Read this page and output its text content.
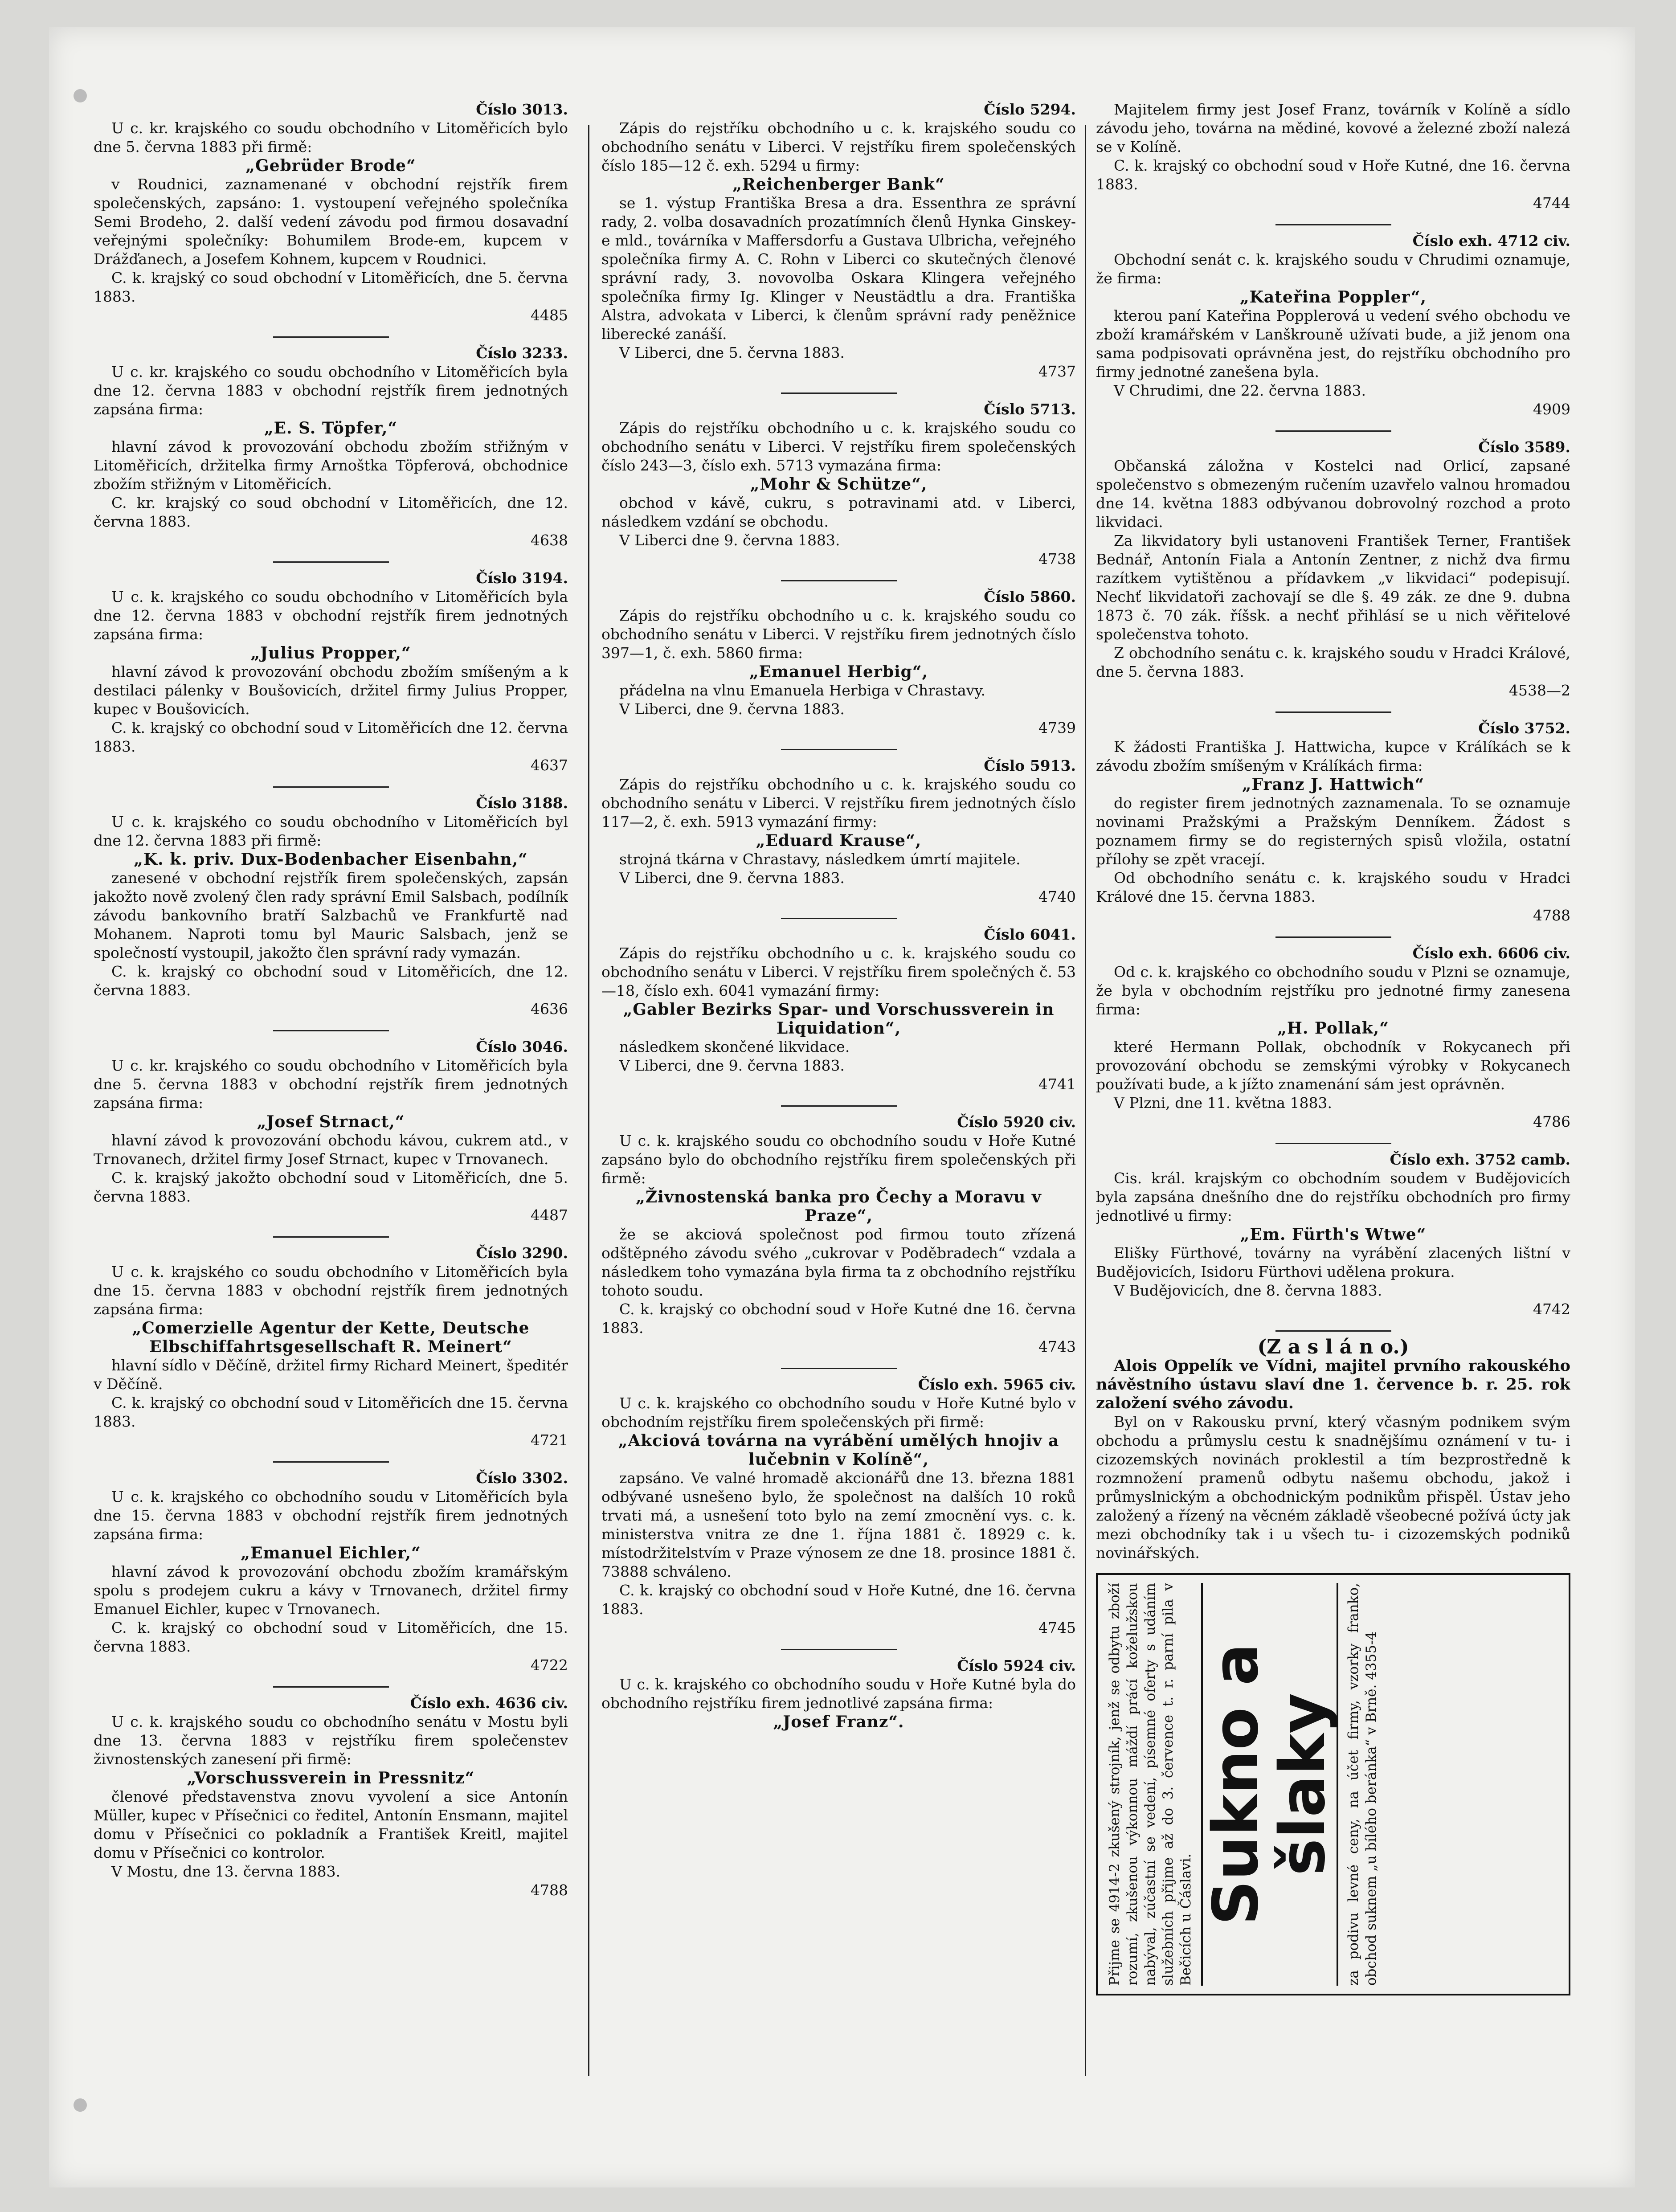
Číslo 3013.
U c. kr. krajského co soudu obchodního v Litoměřicích bylo dne 5. června 1883 při firmě:
„Gebrüder Brode“
v Roudnici, zaznamenané v obchodní rejstřík firem společenských, zapsáno: 1. vystoupení veřejného společníka Semi Brodeho, 2. další vedení závodu pod firmou dosavadní veřejnými společníky: Bohumilem Brode-em, kupcem v Drážďanech, a Josefem Kohnem, kupcem v Roudnici.
C. k. krajský co soud obchodní v Litoměřicích, dne 5. června 1883.
4485
Číslo 3233.
U c. kr. krajského co soudu obchodního v Litoměřicích byla dne 12. června 1883 v obchodní rejstřík firem jednotných zapsána firma:
„E. S. Töpfer,“
hlavní závod k provozování obchodu zbožím střižným v Litoměřicích, držitelka firmy Arnoštka Töpferová, obchodnice zbožím střižným v Litoměřicích.
C. kr. krajský co soud obchodní v Litoměřicích, dne 12. června 1883.
4638
Číslo 3194.
U c. k. krajského co soudu obchodního v Litoměřicích byla dne 12. června 1883 v obchodní rejstřík firem jednotných zapsána firma:
„Julius Propper,“
hlavní závod k provozování obchodu zbožím smíšeným a k destilaci pálenky v Boušovicích, držitel firmy Julius Propper, kupec v Boušovicích.
C. k. krajský co obchodní soud v Litoměřicích dne 12. června 1883.
4637
Číslo 3188.
U c. k. krajského co soudu obchodního v Litoměřicích byl dne 12. června 1883 při firmě:
„K. k. priv. Dux-Bodenbacher Eisenbahn,“
zanesené v obchodní rejstřík firem společenských, zapsán jakožto nově zvolený člen rady správní Emil Salsbach, podílník závodu bankovního bratří Salzbachů ve Frankfurtě nad Mohanem. Naproti tomu byl Mauric Salsbach, jenž se společností vystoupil, jakožto člen správní rady vymazán.
C. k. krajský co obchodní soud v Litoměřicích, dne 12. června 1883.
4636
Číslo 3046.
U c. kr. krajského co soudu obchodního v Litoměřicích byla dne 5. června 1883 v obchodní rejstřík firem jednotných zapsána firma:
„Josef Strnact,“
hlavní závod k provozování obchodu kávou, cukrem atd., v Trnovanech, držitel firmy Josef Strnact, kupec v Trnovanech.
C. k. krajský jakožto obchodní soud v Litoměřicích, dne 5. června 1883.
4487
Číslo 3290.
U c. k. krajského co soudu obchodního v Litoměřicích byla dne 15. června 1883 v obchodní rejstřík firem jednotných zapsána firma:
„Comerzielle Agentur der Kette, Deutsche Elbschiffahrtsgesellschaft R. Meinert“
hlavní sídlo v Děčíně, držitel firmy Richard Meinert, špeditér v Děčíně.
C. k. krajský co obchodní soud v Litoměřicích dne 15. června 1883.
4721
Číslo 3302.
U c. k. krajského co obchodního soudu v Litoměřicích byla dne 15. června 1883 v obchodní rejstřík firem jednotných zapsána firma:
„Emanuel Eichler,“
hlavní závod k provozování obchodu zbožím kramářským spolu s prodejem cukru a kávy v Trnovanech, držitel firmy Emanuel Eichler, kupec v Trnovanech.
C. k. krajský co obchodní soud v Litoměřicích, dne 15. června 1883.
4722
Číslo exh. 4636 civ.
U c. k. krajského soudu co obchodního senátu v Mostu byli dne 13. června 1883 v rejstříku firem společenstev živnostenských zanesení při firmě:
„Vorschussverein in Pressnitz“
členové představenstva znovu vyvolení a sice Antonín Müller, kupec v Přísečnici co ředitel, Antonín Ensmann, majitel domu v Přísečnici co pokladník a František Kreitl, majitel domu v Přísečnici co kontrolor.
V Mostu, dne 13. června 1883.
4788
Číslo 5294.
Zápis do rejstříku obchodního u c. k. krajského soudu co obchodního senátu v Liberci. V rejstříku firem společenských číslo 185—12 č. exh. 5294 u firmy:
„Reichenberger Bank“
se 1. výstup Františka Bresa a dra. Essenthra ze správní rady, 2. volba dosavadních prozatímních členů Hynka Ginskey-e mld., továrníka v Maffersdorfu a Gustava Ulbricha, veřejného společníka firmy A. C. Rohn v Liberci co skutečných členové správní rady, 3. novovolba Oskara Klingera veřejného společníka firmy Ig. Klinger v Neustädtlu a dra. Františka Alstra, advokata v Liberci, k členům správní rady peněžnice liberecké zanáší.
V Liberci, dne 5. června 1883.
4737
Číslo 5713.
Zápis do rejstříku obchodního u c. k. krajského soudu co obchodního senátu v Liberci. V rejstříku firem společenských číslo 243—3, číslo exh. 5713 vymazána firma:
„Mohr & Schütze“,
obchod v kávě, cukru, s potravinami atd. v Liberci, následkem vzdání se obchodu.
V Liberci dne 9. června 1883.
4738
Číslo 5860.
Zápis do rejstříku obchodního u c. k. krajského soudu co obchodního senátu v Liberci. V rejstříku firem jednotných číslo 397—1, č. exh. 5860 firma:
„Emanuel Herbig“,
přádelna na vlnu Emanuela Herbiga v Chrastavy.
V Liberci, dne 9. června 1883.
4739
Číslo 5913.
Zápis do rejstříku obchodního u c. k. krajského soudu co obchodního senátu v Liberci. V rejstříku firem jednotných číslo 117—2, č. exh. 5913 vymazání firmy:
„Eduard Krause“,
strojná tkárna v Chrastavy, následkem úmrtí majitele.
V Liberci, dne 9. června 1883.
4740
Číslo 6041.
Zápis do rejstříku obchodního u c. k. krajského soudu co obchodního senátu v Liberci. V rejstříku firem společných č. 53—18, číslo exh. 6041 vymazání firmy:
„Gabler Bezirks Spar- und Vorschussverein in Liquidation“,
následkem skončené likvidace.
V Liberci, dne 9. června 1883.
4741
Číslo 5920 civ.
U c. k. krajského soudu co obchodního soudu v Hoře Kutné zapsáno bylo do obchodního rejstříku firem společenských při firmě:
„Živnostenská banka pro Čechy a Moravu v Praze“,
že se akciová společnost pod firmou touto zřízená odštěpného závodu svého „cukrovar v Poděbradech“ vzdala a následkem toho vymazána byla firma ta z obchodního rejstříku tohoto soudu.
C. k. krajský co obchodní soud v Hoře Kutné dne 16. června 1883.
4743
Číslo exh. 5965 civ.
U c. k. krajského co obchodního soudu v Hoře Kutné bylo v obchodním rejstříku firem společenských při firmě:
„Akciová továrna na vyrábění umělých hnojiv a lučebnin v Kolíně“,
zapsáno. Ve valné hromadě akcionářů dne 13. března 1881 odbývané usnešeno bylo, že společnost na dalších 10 roků trvati má, a usnešení toto bylo na zemí zmocnění vys. c. k. ministerstva vnitra ze dne 1. října 1881 č. 18929 c. k. místodržitelstvím v Praze výnosem ze dne 18. prosince 1881 č. 73888 schváleno.
C. k. krajský co obchodní soud v Hoře Kutné, dne 16. června 1883.
4745
Číslo 5924 civ.
U c. k. krajského co obchodního soudu v Hoře Kutné byla do obchodního rejstříku firem jednotlivé zapsána firma:
„Josef Franz“.
Majitelem firmy jest Josef Franz, továrník v Kolíně a sídlo závodu jeho, továrna na mědiné, kovové a železné zboží nalezá se v Kolíně.
C. k. krajský co obchodní soud v Hoře Kutné, dne 16. června 1883.
4744
Číslo exh. 4712 civ.
Obchodní senát c. k. krajského soudu v Chrudimi oznamuje, že firma:
„Kateřina Poppler“,
kterou paní Kateřina Popplerová u vedení svého obchodu ve zboží kramářském v Lanškrouně užívati bude, a již jenom ona sama podpisovati oprávněna jest, do rejstříku obchodního pro firmy jednotné zanešena byla.
V Chrudimi, dne 22. června 1883.
4909
Číslo 3589.
Občanská záložna v Kostelci nad Orlicí, zapsané společenstvo s obmezeným ručením uzavřelo valnou hromadou dne 14. května 1883 odbývanou dobrovolný rozchod a proto likvidaci.
Za likvidatory byli ustanoveni František Terner, František Bednář, Antonín Fiala a Antonín Zentner, z nichž dva firmu razítkem vytištěnou a přídavkem „v likvidaci“ podepisují. Nechť likvidatoři zachovají se dle §. 49 zák. ze dne 9. dubna 1873 č. 70 zák. říšsk. a nechť přihlásí se u nich věřitelové společenstva tohoto.
Z obchodního senátu c. k. krajského soudu v Hradci Králové, dne 5. června 1883.
4538—2
Číslo 3752.
K žádosti Františka J. Hattwicha, kupce v Králíkách se k závodu zbožím smíšeným v Králíkách firma:
„Franz J. Hattwich“
do register firem jednotných zaznamenala. To se oznamuje novinami Pražskými a Pražským Denníkem. Žádost s poznamem firmy se do registerných spisů vložila, ostatní přílohy se zpět vracejí.
Od obchodního senátu c. k. krajského soudu v Hradci Králové dne 15. června 1883.
4788
Číslo exh. 6606 civ.
Od c. k. krajského co obchodního soudu v Plzni se oznamuje, že byla v obchodním rejstříku pro jednotné firmy zanesena firma:
„H. Pollak,“
které Hermann Pollak, obchodník v Rokycanech při provozování obchodu se zemskými výrobky v Rokycanech používati bude, a k jížto znamenání sám jest oprávněn.
V Plzni, dne 11. května 1883.
4786
Číslo exh. 3752 camb.
Cis. král. krajským co obchodním soudem v Budějovicích byla zapsána dnešního dne do rejstříku obchodních pro firmy jednotlivé u firmy:
„Em. Fürth's Wtwe“
Elišky Fürthové, továrny na vyrábění zlacených lištní v Budějovicích, Isidoru Fürthovi udělena prokura.
V Budějovicích, dne 8. června 1883.
4742
(Z a s l á n o.)

Alois Oppelík ve Vídni, majitel prvního rakouského návěstního ústavu slaví dne 1. července b. r. 25. rok založení svého závodu.

Byl on v Rakousku první, který včasným podnikem svým obchodu a průmyslu cestu k snadnějšímu oznámení v tu- i cizozemských novinách proklestil a tím bezprostředně k rozmnožení pramenů odbytu našemu obchodu, jakož i průmyslnickým a obchodnickým podnikům přispěl. Ústav jeho založený a řízený na věcném základě všeobecné požívá úcty jak mezi obchodníky tak i u všech tu- i cizozemských podniků novinářských.

Přijme se 4914-2 zkušený strojník, jenž se odbytu zboží rozumí, zkušenou výkonnou máždí prácí koželužskou nabýval, zúčastní se vedení, písemné oferty s udáním služebních přijme až do 3. července t. r. parní pila v Bečicích u Čáslavi. Sukno a šlaky za podivu levné ceny, na účet firmy, vzorky franko, obchod suknem „u bílého beránka“ v Brně. 4355-4
